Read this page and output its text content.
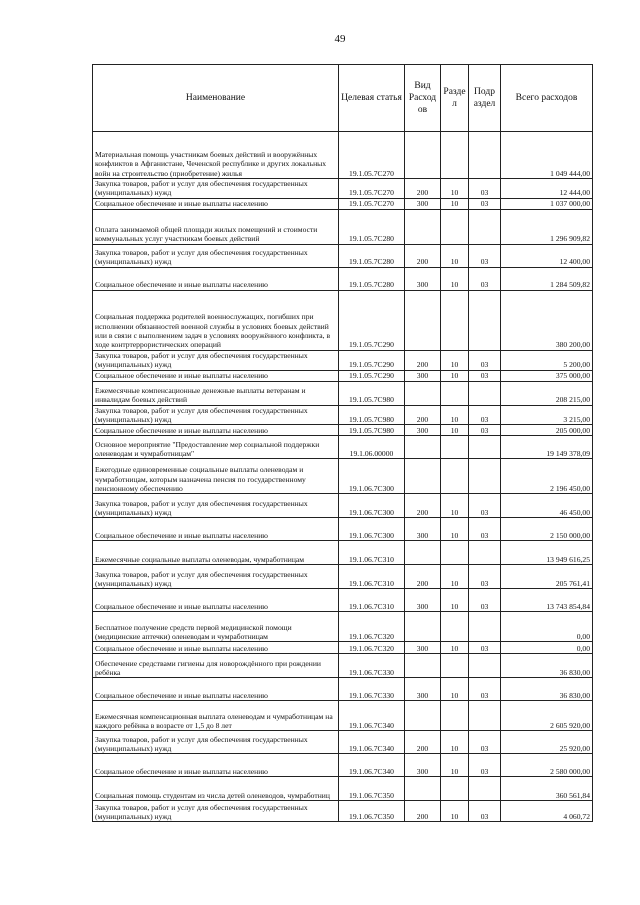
49
Наименование	Целевая статья	Вид Расход ов	Разде л	Подр аздел	Всего расходов
Материальная помощь участникам боевых действий и вооружённых конфликтов в Афганистане, Чеченской республике и других локальных войн на строительство (приобретение) жилья	19.1.05.7С270				1 049 444,00
Закупка товаров, работ и услуг для обеспечения государственных (муниципальных) нужд	19.1.05.7С270	200	10	03	12 444,00
Социальное обеспечение и иные выплаты населению	19.1.05.7С270	300	10	03	1 037 000,00
Оплата занимаемой общей площади жилых помещений и стоимости коммунальных услуг участникам боевых действий	19.1.05.7С280				1 296 909,82
Закупка товаров, работ и услуг для обеспечения государственных (муниципальных) нужд	19.1.05.7С280	200	10	03	12 400,00
Социальное обеспечение и иные выплаты населению	19.1.05.7С280	300	10	03	1 284 509,82
Социальная поддержка родителей военнослужащих, погибших при исполнении обязанностей военной службы в условиях боевых действий или в связи с выполнением задач в условиях вооружённого конфликта, в ходе контртеррористических операций	19.1.05.7С290				380 200,00
Закупка товаров, работ и услуг для обеспечения государственных (муниципальных) нужд	19.1.05.7С290	200	10	03	5 200,00
Социальное обеспечение и иные выплаты населению	19.1.05.7С290	300	10	03	375 000,00
Ежемесячные компенсационные денежные выплаты ветеранам и инвалидам боевых действий	19.1.05.7С980				208 215,00
Закупка товаров, работ и услуг для обеспечения государственных (муниципальных) нужд	19.1.05.7С980	200	10	03	3 215,00
Социальное обеспечение и иные выплаты населению	19.1.05.7С980	300	10	03	205 000,00
Основное мероприятие "Предоставление мер социальной поддержки оленеводам и чумработницам"	19.1.06.00000				19 149 378,09
Ежегодные единовременные социальные выплаты оленеводам и чумработницам, которым назначена пенсия по государственному пенсионному обеспечению	19.1.06.7С300				2 196 450,00
Закупка товаров, работ и услуг для обеспечения государственных (муниципальных) нужд	19.1.06.7С300	200	10	03	46 450,00
Социальное обеспечение и иные выплаты населению	19.1.06.7С300	300	10	03	2 150 000,00
Ежемесячные социальные выплаты оленеводам, чумработницам	19.1.06.7С310				13 949 616,25
Закупка товаров, работ и услуг для обеспечения государственных (муниципальных) нужд	19.1.06.7С310	200	10	03	205 761,41
Социальное обеспечение и иные выплаты населению	19.1.06.7С310	300	10	03	13 743 854,84
Бесплатное получение средств первой медицинской помощи (медицинские аптечки) оленеводам и чумработницам	19.1.06.7С320				0,00
Социальное обеспечение и иные выплаты населению	19.1.06.7С320	300	10	03	0,00
Обеспечение средствами гигиены для новорождённого при рождении ребёнка	19.1.06.7С330				36 830,00
Социальное обеспечение и иные выплаты населению	19.1.06.7С330	300	10	03	36 830,00
Ежемесячная компенсационная выплата оленеводам и чумработницам на каждого ребёнка в возрасте от 1,5 до 8 лет	19.1.06.7С340				2 605 920,00
Закупка товаров, работ и услуг для обеспечения государственных (муниципальных) нужд	19.1.06.7С340	200	10	03	25 920,00
Социальное обеспечение и иные выплаты населению	19.1.06.7С340	300	10	03	2 580 000,00
Социальная помощь студентам из числа детей оленеводов, чумработниц	19.1.06.7С350				360 561,84
Закупка товаров, работ и услуг для обеспечения государственных (муниципальных) нужд	19.1.06.7С350	200	10	03	4 060,72
